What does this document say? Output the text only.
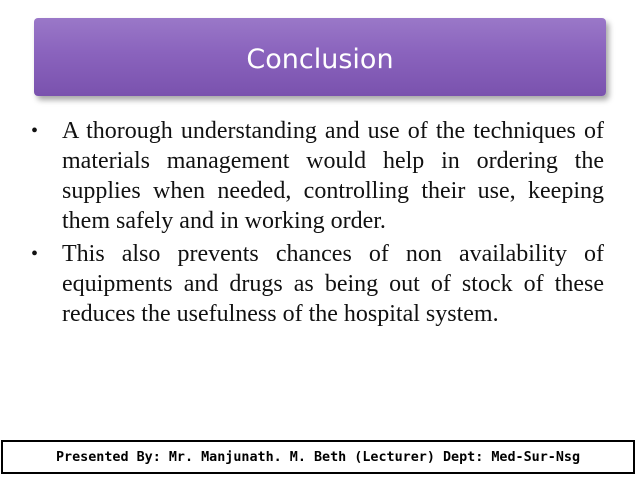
Conclusion
• A thorough understanding and use of the techniques of materials management would help in ordering the supplies when needed, controlling their use, keeping them safely and in working order.
• This also prevents chances of non availability of equipments and drugs as being out of stock of these reduces the usefulness of the hospital system.
Presented By: Mr. Manjunath. M. Beth (Lecturer) Dept: Med-Sur-Nsg
